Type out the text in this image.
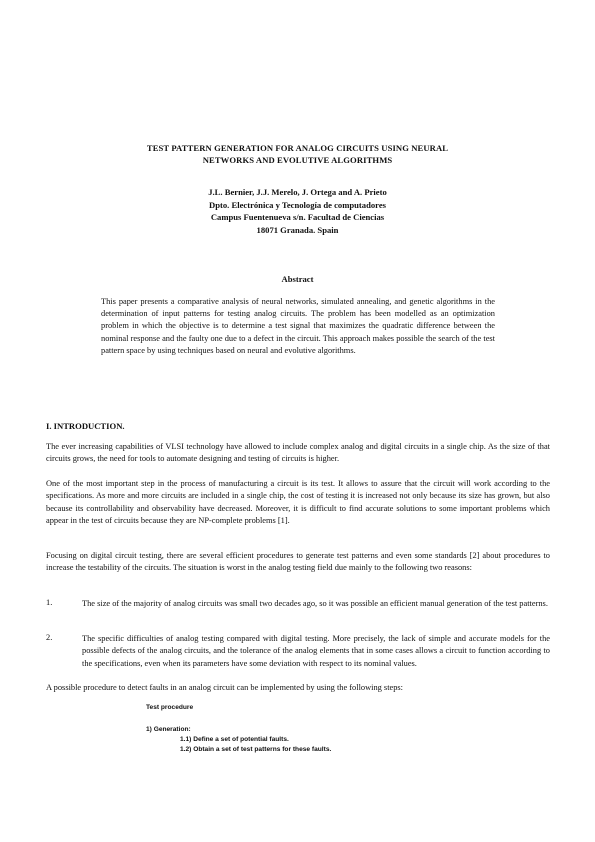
TEST PATTERN GENERATION FOR ANALOG CIRCUITS USING NEURAL
NETWORKS AND EVOLUTIVE ALGORITHMS
J.L. Bernier, J.J. Merelo, J. Ortega and A. Prieto
Dpto. Electrónica y Tecnología de computadores
Campus Fuentenueva s/n. Facultad de Ciencias
18071 Granada. Spain
Abstract
This paper presents a comparative analysis of neural networks, simulated annealing, and genetic algorithms in the determination of input patterns for testing analog circuits. The problem has been modelled as an optimization problem in which the objective is to determine a test signal that maximizes the quadratic difference between the nominal response and the faulty one due to a defect in the circuit. This approach makes possible the search of the test pattern space by using techniques based on neural and evolutive algorithms.
I. INTRODUCTION.
The ever increasing capabilities of VLSI technology have allowed to include complex analog and digital circuits in a single chip. As the size of that circuits grows, the need for tools to automate designing and testing of circuits is higher.
One of the most important step in the process of manufacturing a circuit is its test. It allows to assure that the circuit will work according to the specifications. As more and more circuits are included in a single chip, the cost of testing it is increased not only because its size has grown, but also because its controllability and observability have decreased. Moreover, it is difficult to find accurate solutions to some important problems which appear in the test of circuits because they are NP-complete problems [1].
Focusing on digital circuit testing, there are several efficient procedures to generate test patterns and even some standards [2] about procedures to increase the testability of the circuits. The situation is worst in the analog testing field due mainly to the following two reasons:
1.	The size of the majority of analog circuits was small two decades ago, so it was possible an efficient manual generation of the test patterns.
2.	The specific difficulties of analog testing compared with digital testing. More precisely, the lack of simple and accurate models for the possible defects of the analog circuits, and the tolerance of the analog elements that in some cases allows a circuit to function according to the specifications, even when its parameters have some deviation with respect to its nominal values.
A possible procedure to detect faults in an analog circuit can be implemented by using the following steps:
Test procedure
1) Generation:
1.1) Define a set of potential faults.
1.2) Obtain a set of test patterns for these faults.
